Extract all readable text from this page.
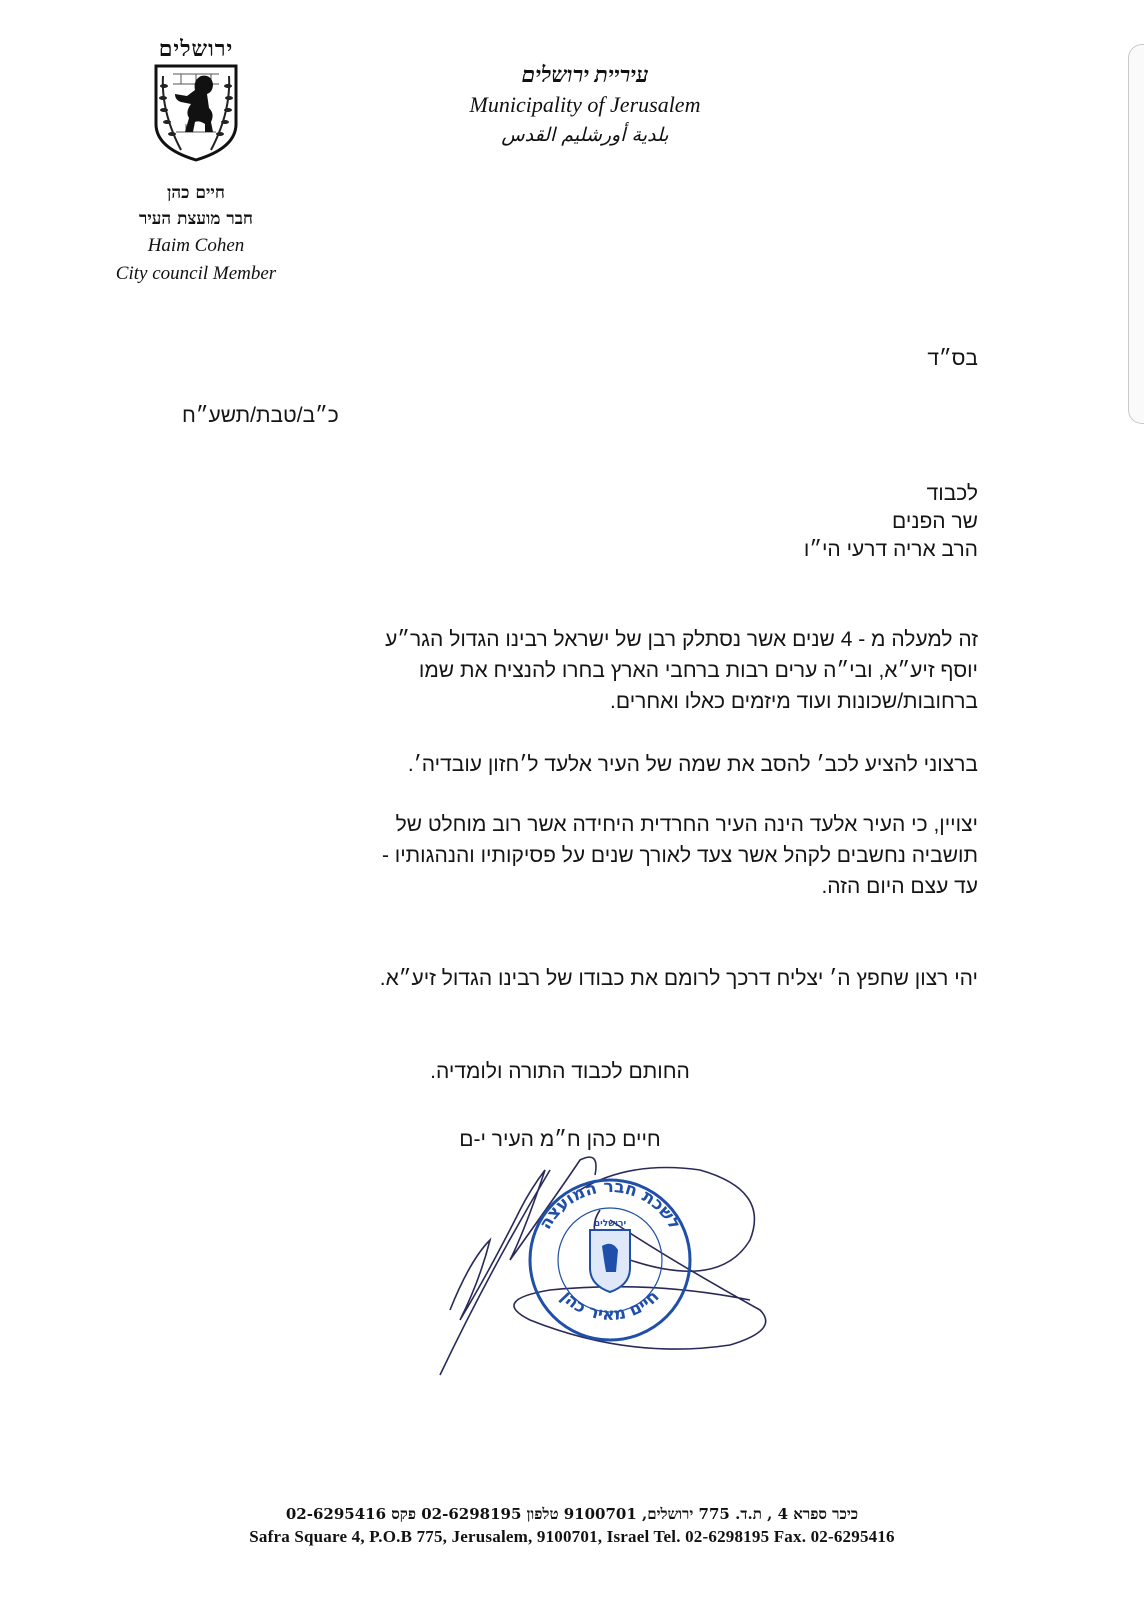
ירושלים
חיים כהן
חבר מועצת העיר
Haim Cohen
City council Member
עיריית ירושלים
Municipality of Jerusalem
بلدية أورشليم القدس
בס״ד
כ״ב/טבת/תשע״ח
לכבוד
שר הפנים
הרב אריה דרעי הי״ו
זה למעלה מ - 4 שנים אשר נסתלק רבן של ישראל רבינו הגדול הגר״ע
יוסף זיע״א, ובי״ה ערים רבות ברחבי הארץ בחרו להנציח את שמו
ברחובות/שכונות ועוד מיזמים כאלו ואחרים.
ברצוני להציע לכב׳ להסב את שמה של העיר אלעד ל׳חזון עובדיה׳.
יצויין, כי העיר אלעד הינה העיר החרדית היחידה אשר רוב מוחלט של
תושביה נחשבים לקהל אשר צעד לאורך שנים על פסיקותיו והנהגותיו -
עד עצם היום הזה.
יהי רצון שחפץ ה׳ יצליח דרכך לרומם את כבודו של רבינו הגדול זיע״א.
החותם לכבוד התורה ולומדיה.
חיים כהן ח״מ העיר י-ם
לשכת חבר המועצה
חיים מאיר כהן
ירושלים
כיכר ספרא 4 , ת.ד. 775 ירושלים, 9100701 טלפון 02-6298195 פקס 02-6295416
Safra Square 4, P.O.B 775, Jerusalem, 9100701, Israel Tel. 02-6298195 Fax. 02-6295416
